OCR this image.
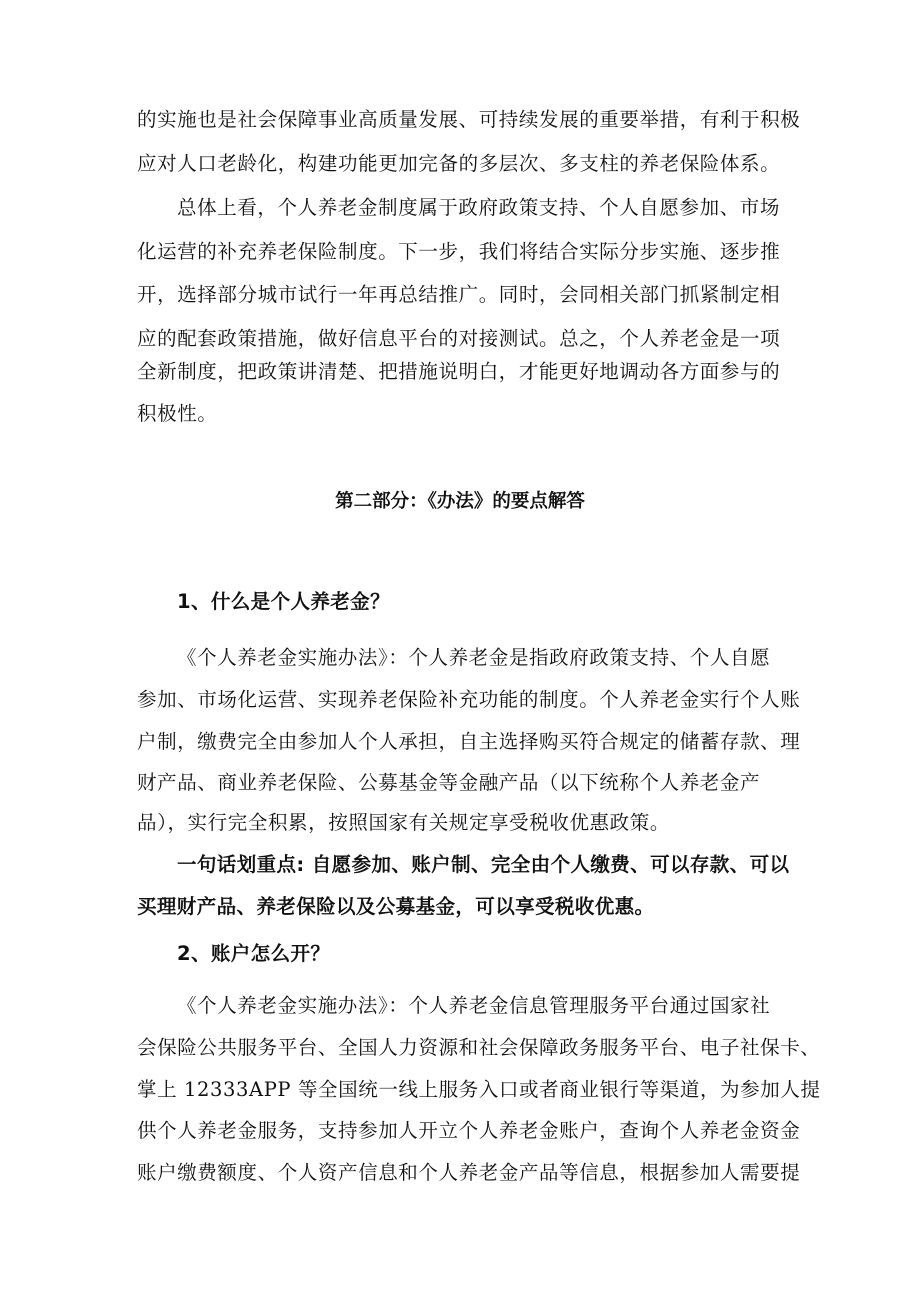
的实施也是社会保障事业高质量发展、可持续发展的重要举措，有利于积极
应对人口老龄化，构建功能更加完备的多层次、多支柱的养老保险体系。
总体上看，个人养老金制度属于政府政策支持、个人自愿参加、市场
化运营的补充养老保险制度。下一步，我们将结合实际分步实施、逐步推
开，选择部分城市试行一年再总结推广。同时，会同相关部门抓紧制定相
应的配套政策措施，做好信息平台的对接测试。总之，个人养老金是一项
全新制度，把政策讲清楚、把措施说明白，才能更好地调动各方面参与的
积极性。
第二部分：《办法》的要点解答
1、什么是个人养老金？
《个人养老金实施办法》：个人养老金是指政府政策支持、个人自愿
参加、市场化运营、实现养老保险补充功能的制度。个人养老金实行个人账
户制，缴费完全由参加人个人承担，自主选择购买符合规定的储蓄存款、理
财产品、商业养老保险、公募基金等金融产品（以下统称个人养老金产
品），实行完全积累，按照国家有关规定享受税收优惠政策。
一句话划重点: 自愿参加、账户制、完全由个人缴费、可以存款、可以
买理财产品、养老保险以及公募基金，可以享受税收优惠。
2、账户怎么开？
《个人养老金实施办法》：个人养老金信息管理服务平台通过国家社
会保险公共服务平台、全国人力资源和社会保障政务服务平台、电子社保卡、
掌上 12333APP 等全国统一线上服务入口或者商业银行等渠道，为参加人提
供个人养老金服务，支持参加人开立个人养老金账户，查询个人养老金资金
账户缴费额度、个人资产信息和个人养老金产品等信息，根据参加人需要提
